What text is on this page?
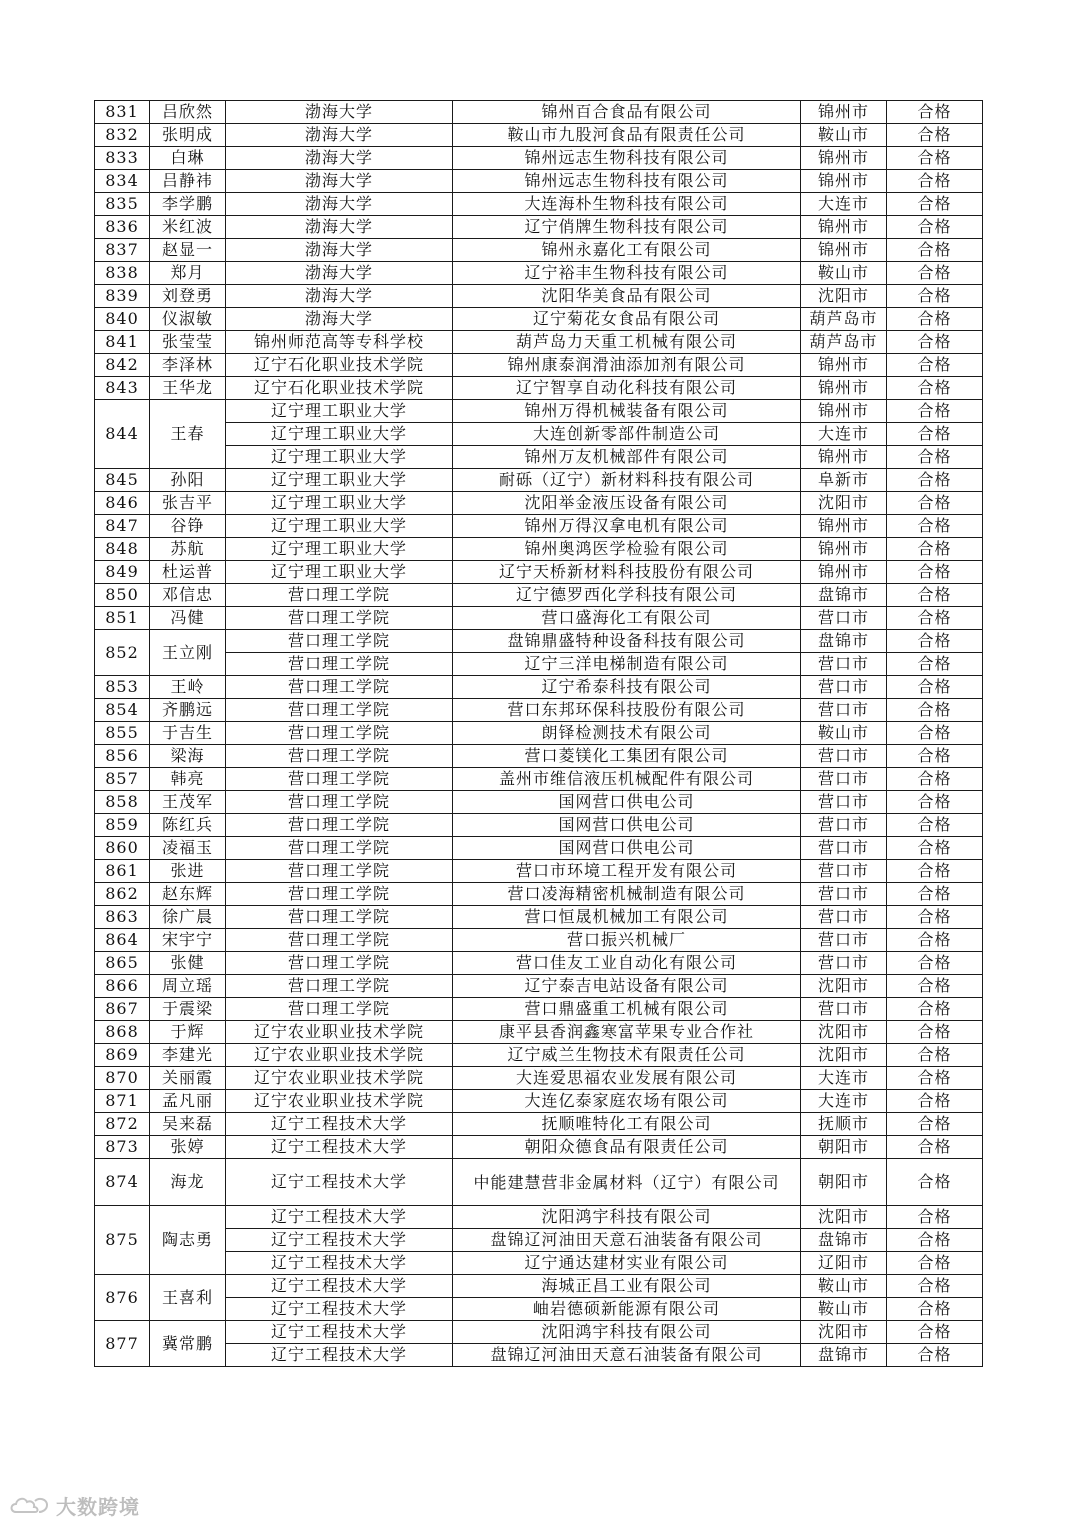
831	吕欣然	渤海大学	锦州百合食品有限公司	锦州市	合格
832	张明成	渤海大学	鞍山市九股河食品有限责任公司	鞍山市	合格
833	白琳	渤海大学	锦州远志生物科技有限公司	锦州市	合格
834	吕静祎	渤海大学	锦州远志生物科技有限公司	锦州市	合格
835	李学鹏	渤海大学	大连海朴生物科技有限公司	大连市	合格
836	米红波	渤海大学	辽宁俏牌生物科技有限公司	锦州市	合格
837	赵显一	渤海大学	锦州永嘉化工有限公司	锦州市	合格
838	郑月	渤海大学	辽宁裕丰生物科技有限公司	鞍山市	合格
839	刘登勇	渤海大学	沈阳华美食品有限公司	沈阳市	合格
840	仪淑敏	渤海大学	辽宁菊花女食品有限公司	葫芦岛市	合格
841	张莹莹	锦州师范高等专科学校	葫芦岛力天重工机械有限公司	葫芦岛市	合格
842	李泽林	辽宁石化职业技术学院	锦州康泰润滑油添加剂有限公司	锦州市	合格
843	王华龙	辽宁石化职业技术学院	辽宁智享自动化科技有限公司	锦州市	合格
844	王春	辽宁理工职业大学	锦州万得机械装备有限公司	锦州市	合格
		辽宁理工职业大学	大连创新零部件制造公司	大连市	合格
		辽宁理工职业大学	锦州万友机械部件有限公司	锦州市	合格
845	孙阳	辽宁理工职业大学	耐砾（辽宁）新材料科技有限公司	阜新市	合格
846	张吉平	辽宁理工职业大学	沈阳举金液压设备有限公司	沈阳市	合格
847	谷铮	辽宁理工职业大学	锦州万得汉拿电机有限公司	锦州市	合格
848	苏航	辽宁理工职业大学	锦州奥鸿医学检验有限公司	锦州市	合格
849	杜运普	辽宁理工职业大学	辽宁天桥新材料科技股份有限公司	锦州市	合格
850	邓信忠	营口理工学院	辽宁德罗西化学科技有限公司	盘锦市	合格
851	冯健	营口理工学院	营口盛海化工有限公司	营口市	合格
852	王立刚	营口理工学院	盘锦鼎盛特种设备科技有限公司	盘锦市	合格
		营口理工学院	辽宁三洋电梯制造有限公司	营口市	合格
853	王岭	营口理工学院	辽宁希泰科技有限公司	营口市	合格
854	齐鹏远	营口理工学院	营口东邦环保科技股份有限公司	营口市	合格
855	于吉生	营口理工学院	朗铎检测技术有限公司	鞍山市	合格
856	梁海	营口理工学院	营口菱镁化工集团有限公司	营口市	合格
857	韩亮	营口理工学院	盖州市维信液压机械配件有限公司	营口市	合格
858	王茂军	营口理工学院	国网营口供电公司	营口市	合格
859	陈红兵	营口理工学院	国网营口供电公司	营口市	合格
860	凌福玉	营口理工学院	国网营口供电公司	营口市	合格
861	张进	营口理工学院	营口市环境工程开发有限公司	营口市	合格
862	赵东辉	营口理工学院	营口凌海精密机械制造有限公司	营口市	合格
863	徐广晨	营口理工学院	营口恒晟机械加工有限公司	营口市	合格
864	宋宇宁	营口理工学院	营口振兴机械厂	营口市	合格
865	张健	营口理工学院	营口佳友工业自动化有限公司	营口市	合格
866	周立瑶	营口理工学院	辽宁泰吉电站设备有限公司	沈阳市	合格
867	于震梁	营口理工学院	营口鼎盛重工机械有限公司	营口市	合格
868	于辉	辽宁农业职业技术学院	康平县香润鑫寒富苹果专业合作社	沈阳市	合格
869	李建光	辽宁农业职业技术学院	辽宁威兰生物技术有限责任公司	沈阳市	合格
870	关丽霞	辽宁农业职业技术学院	大连爱思福农业发展有限公司	大连市	合格
871	孟凡丽	辽宁农业职业技术学院	大连亿泰家庭农场有限公司	大连市	合格
872	吴来磊	辽宁工程技术大学	抚顺唯特化工有限公司	抚顺市	合格
873	张婷	辽宁工程技术大学	朝阳众德食品有限责任公司	朝阳市	合格
874	海龙	辽宁工程技术大学	中能建慧营非金属材料（辽宁）有限公司	朝阳市	合格
875	陶志勇	辽宁工程技术大学	沈阳鸿宇科技有限公司	沈阳市	合格
		辽宁工程技术大学	盘锦辽河油田天意石油装备有限公司	盘锦市	合格
		辽宁工程技术大学	辽宁通达建材实业有限公司	辽阳市	合格
876	王喜利	辽宁工程技术大学	海城正昌工业有限公司	鞍山市	合格
		辽宁工程技术大学	岫岩德硕新能源有限公司	鞍山市	合格
877	冀常鹏	辽宁工程技术大学	沈阳鸿宇科技有限公司	沈阳市	合格
		辽宁工程技术大学	盘锦辽河油田天意石油装备有限公司	盘锦市	合格
大数跨境
